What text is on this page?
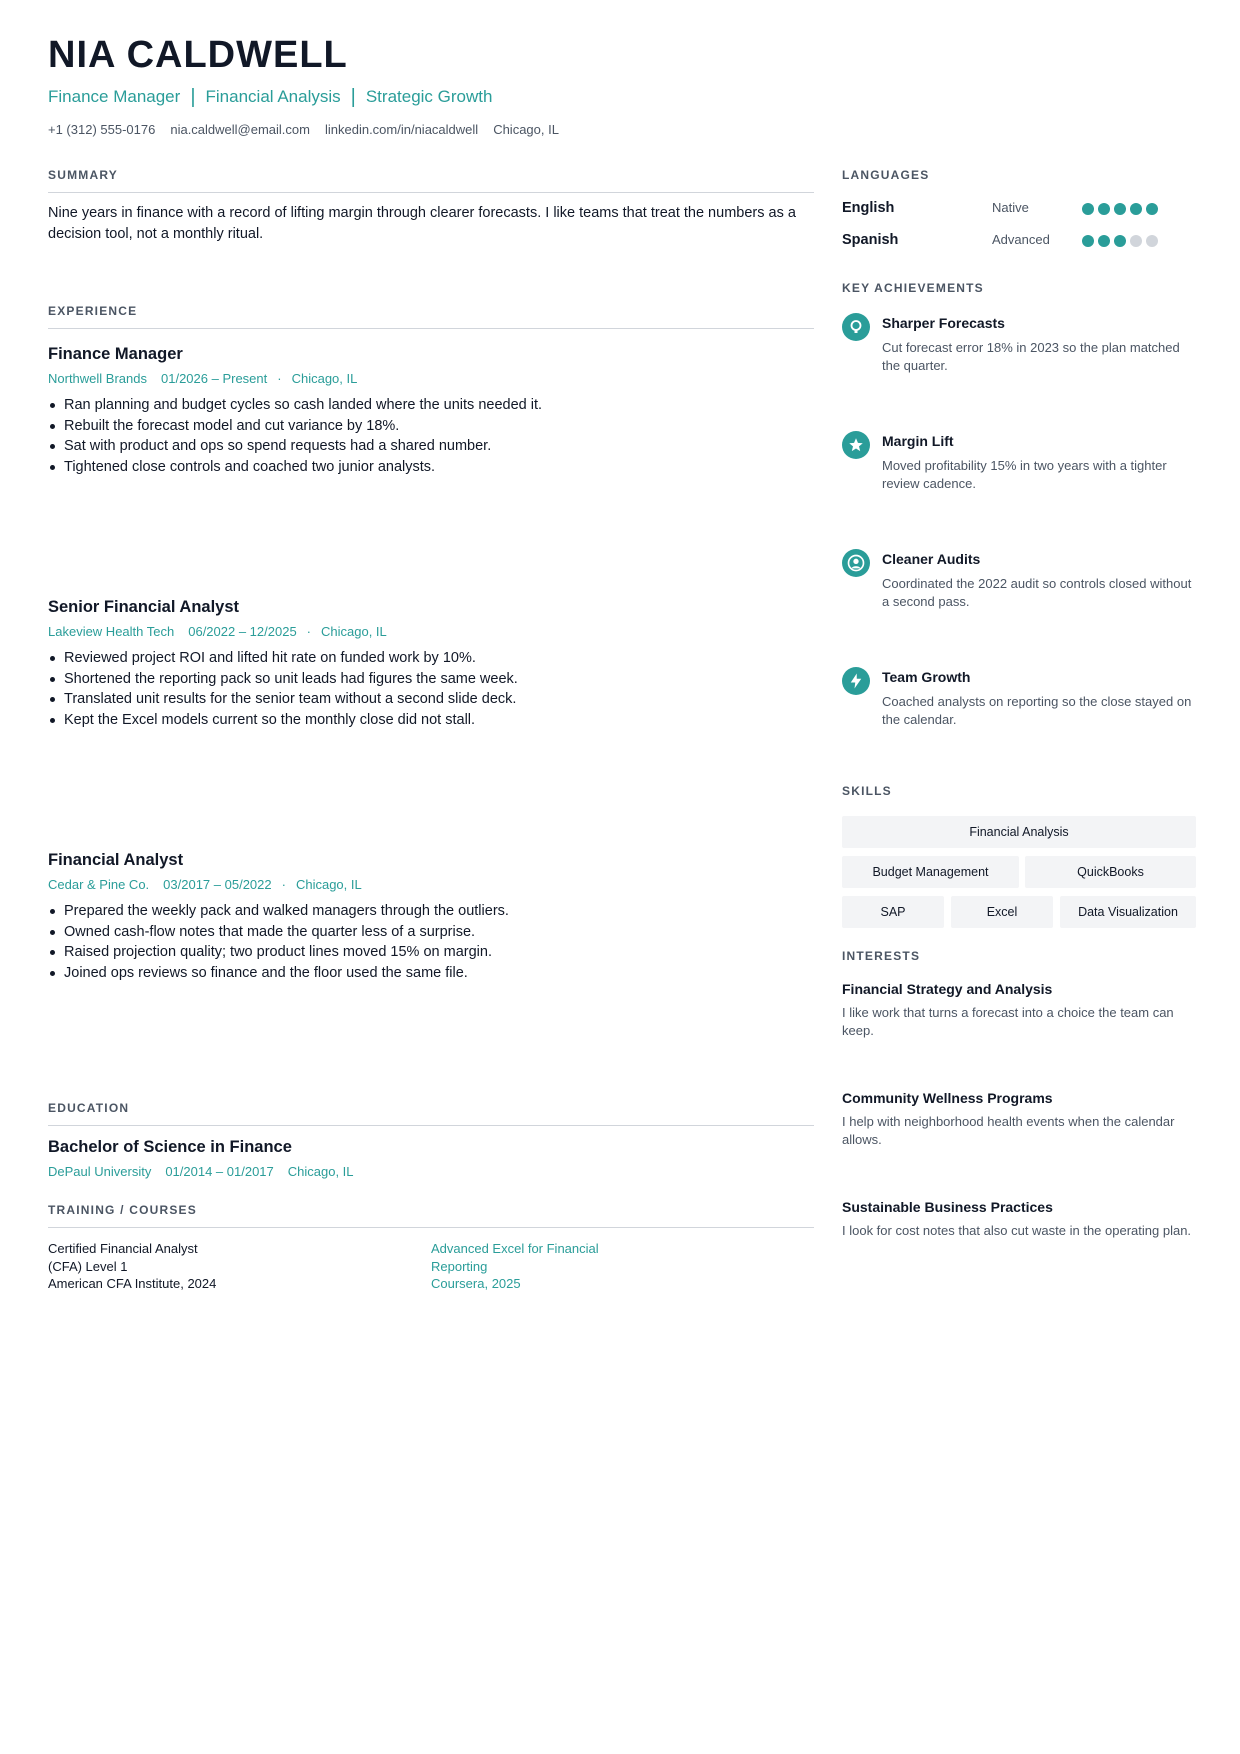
NIA CALDWELL
Finance Manager | Financial Analysis | Strategic Growth
+1 (312) 555-0176 nia.caldwell@email.com linkedin.com/in/niacaldwell Chicago, IL
SUMMARY
Nine years in finance with a record of lifting margin through clearer forecasts. I like teams that treat the numbers as a decision tool, not a monthly ritual.
EXPERIENCE
Finance Manager
Northwell Brands 01/2026 – Present · Chicago, IL
Ran planning and budget cycles so cash landed where the units needed it.
Rebuilt the forecast model and cut variance by 18%.
Sat with product and ops so spend requests had a shared number.
Tightened close controls and coached two junior analysts.
Senior Financial Analyst
Lakeview Health Tech 06/2022 – 12/2025 · Chicago, IL
Reviewed project ROI and lifted hit rate on funded work by 10%.
Shortened the reporting pack so unit leads had figures the same week.
Translated unit results for the senior team without a second slide deck.
Kept the Excel models current so the monthly close did not stall.
Financial Analyst
Cedar & Pine Co. 03/2017 – 05/2022 · Chicago, IL
Prepared the weekly pack and walked managers through the outliers.
Owned cash-flow notes that made the quarter less of a surprise.
Raised projection quality; two product lines moved 15% on margin.
Joined ops reviews so finance and the floor used the same file.
EDUCATION
Bachelor of Science in Finance
DePaul University 01/2014 – 01/2017 Chicago, IL
TRAINING / COURSES
Certified Financial Analyst
(CFA) Level 1
American CFA Institute, 2024
Advanced Excel for Financial
Reporting
Coursera, 2025
LANGUAGES
English	Native
Spanish	Advanced
KEY ACHIEVEMENTS
Sharper Forecasts
Cut forecast error 18% in 2023 so the plan matched the quarter.
Margin Lift
Moved profitability 15% in two years with a tighter review cadence.
Cleaner Audits
Coordinated the 2022 audit so controls closed without a second pass.
Team Growth
Coached analysts on reporting so the close stayed on the calendar.
SKILLS
Financial Analysis
Budget Management	QuickBooks
SAP	Excel	Data Visualization
INTERESTS
Financial Strategy and Analysis
I like work that turns a forecast into a choice the team can keep.
Community Wellness Programs
I help with neighborhood health events when the calendar allows.
Sustainable Business Practices
I look for cost notes that also cut waste in the operating plan.
